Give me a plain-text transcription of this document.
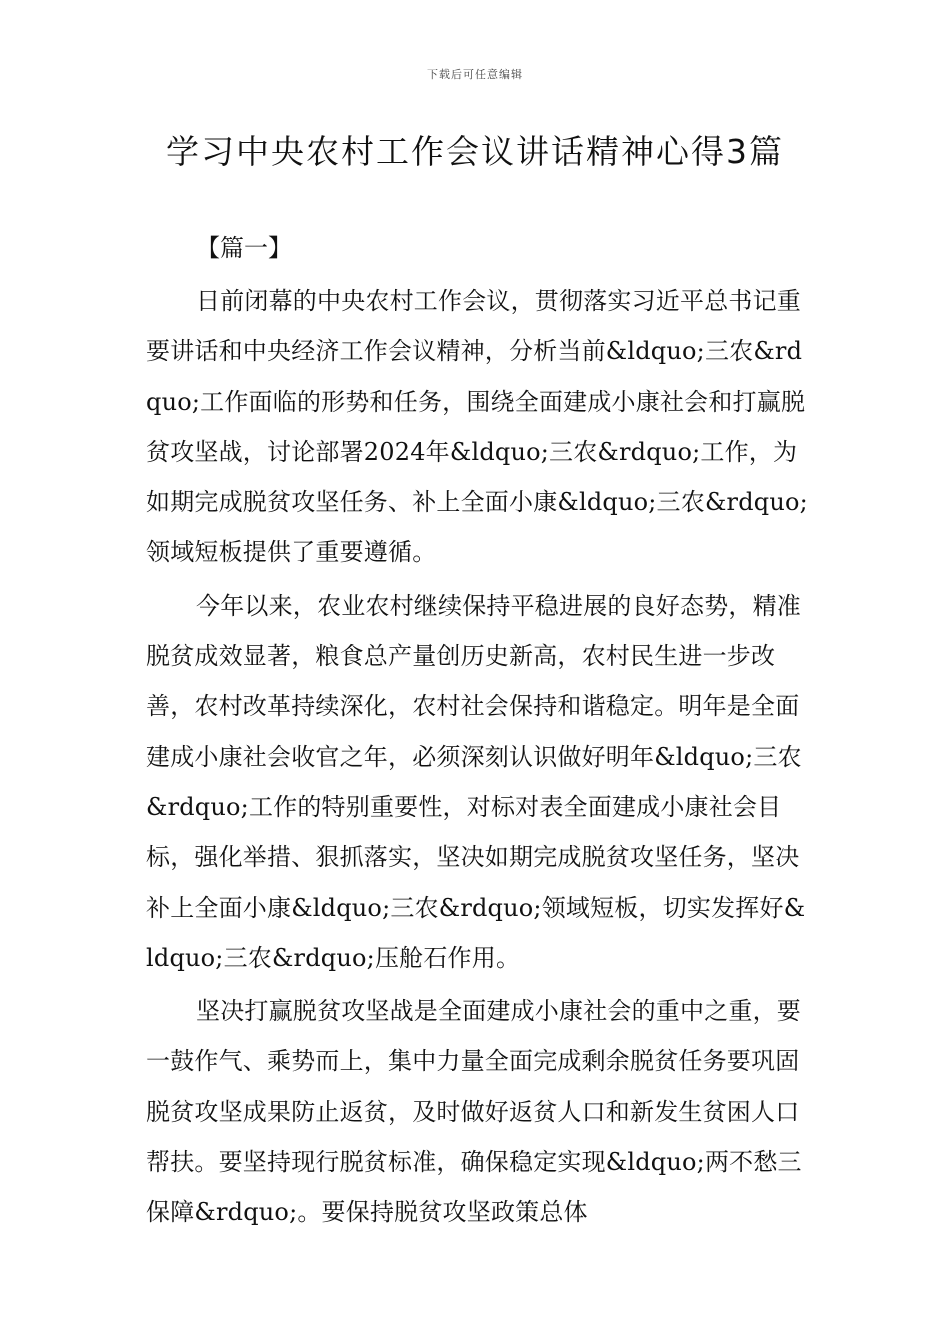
下载后可任意编辑
学习中央农村工作会议讲话精神心得3篇
【篇一】

日前闭幕的中央农村工作会议，贯彻落实习近平总书记重要讲话和中央经济工作会议精神，分析当前&ldquo;三农&rdquo;工作面临的形势和任务，围绕全面建成小康社会和打赢脱贫攻坚战，讨论部署2024年&ldquo;三农&rdquo;工作，为如期完成脱贫攻坚任务、补上全面小康&ldquo;三农&rdquo;领域短板提供了重要遵循。

今年以来，农业农村继续保持平稳进展的良好态势，精准脱贫成效显著，粮食总产量创历史新高，农村民生进一步改善，农村改革持续深化，农村社会保持和谐稳定。明年是全面建成小康社会收官之年，必须深刻认识做好明年&ldquo;三农&rdquo;工作的特别重要性，对标对表全面建成小康社会目标，强化举措、狠抓落实，坚决如期完成脱贫攻坚任务，坚决补上全面小康&ldquo;三农&rdquo;领域短板，切实发挥好&ldquo;三农&rdquo;压舱石作用。

坚决打赢脱贫攻坚战是全面建成小康社会的重中之重，要一鼓作气、乘势而上，集中力量全面完成剩余脱贫任务要巩固脱贫攻坚成果防止返贫，及时做好返贫人口和新发生贫困人口帮扶。要坚持现行脱贫标准，确保稳定实现&ldquo;两不愁三保障&rdquo;。要保持脱贫攻坚政策总体
